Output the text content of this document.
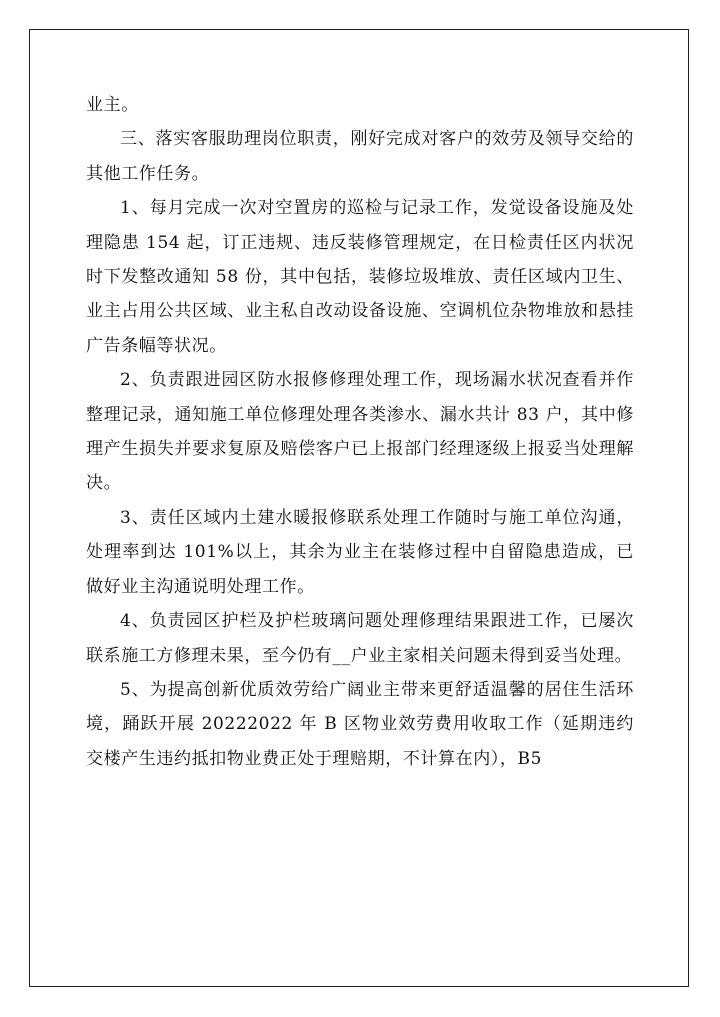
业主。

三、落实客服助理岗位职责，刚好完成对客户的效劳及领导交给的其他工作任务。

1、每月完成一次对空置房的巡检与记录工作，发觉设备设施及处理隐患 154 起，订正违规、违反装修管理规定，在日检责任区内状况时下发整改通知 58 份，其中包括，装修垃圾堆放、责任区域内卫生、业主占用公共区域、业主私自改动设备设施、空调机位杂物堆放和悬挂广告条幅等状况。

2、负责跟进园区防水报修修理处理工作，现场漏水状况查看并作整理记录，通知施工单位修理处理各类渗水、漏水共计 83 户，其中修理产生损失并要求复原及赔偿客户已上报部门经理逐级上报妥当处理解决。

3、责任区域内土建水暖报修联系处理工作随时与施工单位沟通，处理率到达 101%以上，其余为业主在装修过程中自留隐患造成，已做好业主沟通说明处理工作。

4、负责园区护栏及护栏玻璃问题处理修理结果跟进工作，已屡次联系施工方修理未果，至今仍有__户业主家相关问题未得到妥当处理。

5、为提高创新优质效劳给广阔业主带来更舒适温馨的居住生活环境，踊跃开展 20222022 年 B 区物业效劳费用收取工作（延期违约交楼产生违约抵扣物业费正处于理赔期，不计算在内），B5
